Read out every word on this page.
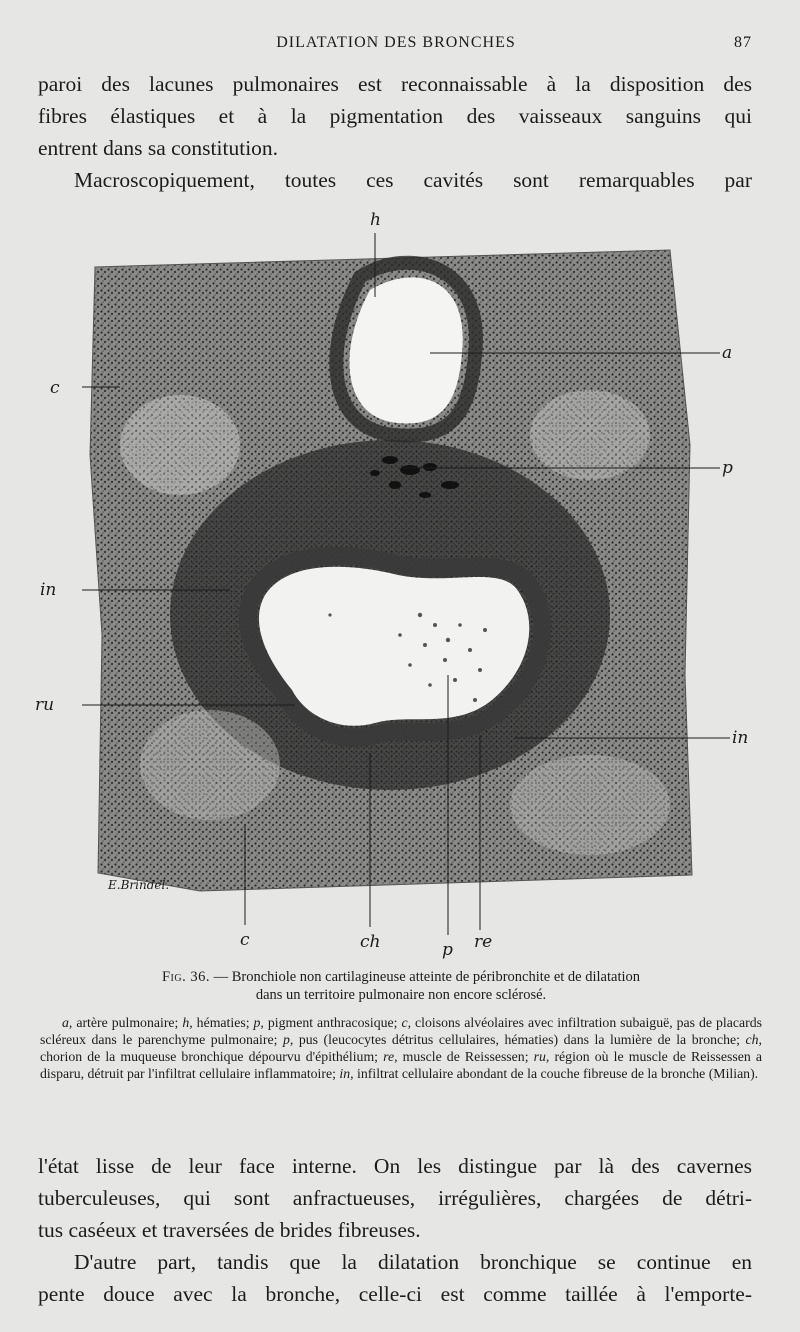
DILATATION DES BRONCHES	87
paroi des lacunes pulmonaires est reconnaissable à la disposition des
fibres élastiques et à la pigmentation des vaisseaux sanguins qui
entrent dans sa constitution.
Macroscopiquement, toutes ces cavités sont remarquables par
h
a
c
p
in
ru
in
c	ch	p re
E.Brindel.
Fig. 36. — Bronchiole non cartilagineuse atteinte de péribronchite et de dilatation
dans un territoire pulmonaire non encore sclérosé.
a, artère pulmonaire; h, hématies; p, pigment anthracosique; c, cloisons alvéolaires avec infiltration subaiguë, pas de placards scléreux dans le parenchyme pulmonaire; p, pus (leucocytes détritus cellulaires, hématies) dans la lumière de la bronche; ch, chorion de la muqueuse bronchique dépourvu d'épithélium; re, muscle de Reissessen; ru, région où le muscle de Reissessen a disparu, détruit par l'infiltrat cellulaire inflammatoire; in, infiltrat cellulaire abondant de la couche fibreuse de la bronche (Milian).
l'état lisse de leur face interne. On les distingue par là des cavernes
tuberculeuses, qui sont anfractueuses, irrégulières, chargées de détri-
tus caséeux et traversées de brides fibreuses.
D'autre part, tandis que la dilatation bronchique se continue en
pente douce avec la bronche, celle-ci est comme taillée à l'emporte-
